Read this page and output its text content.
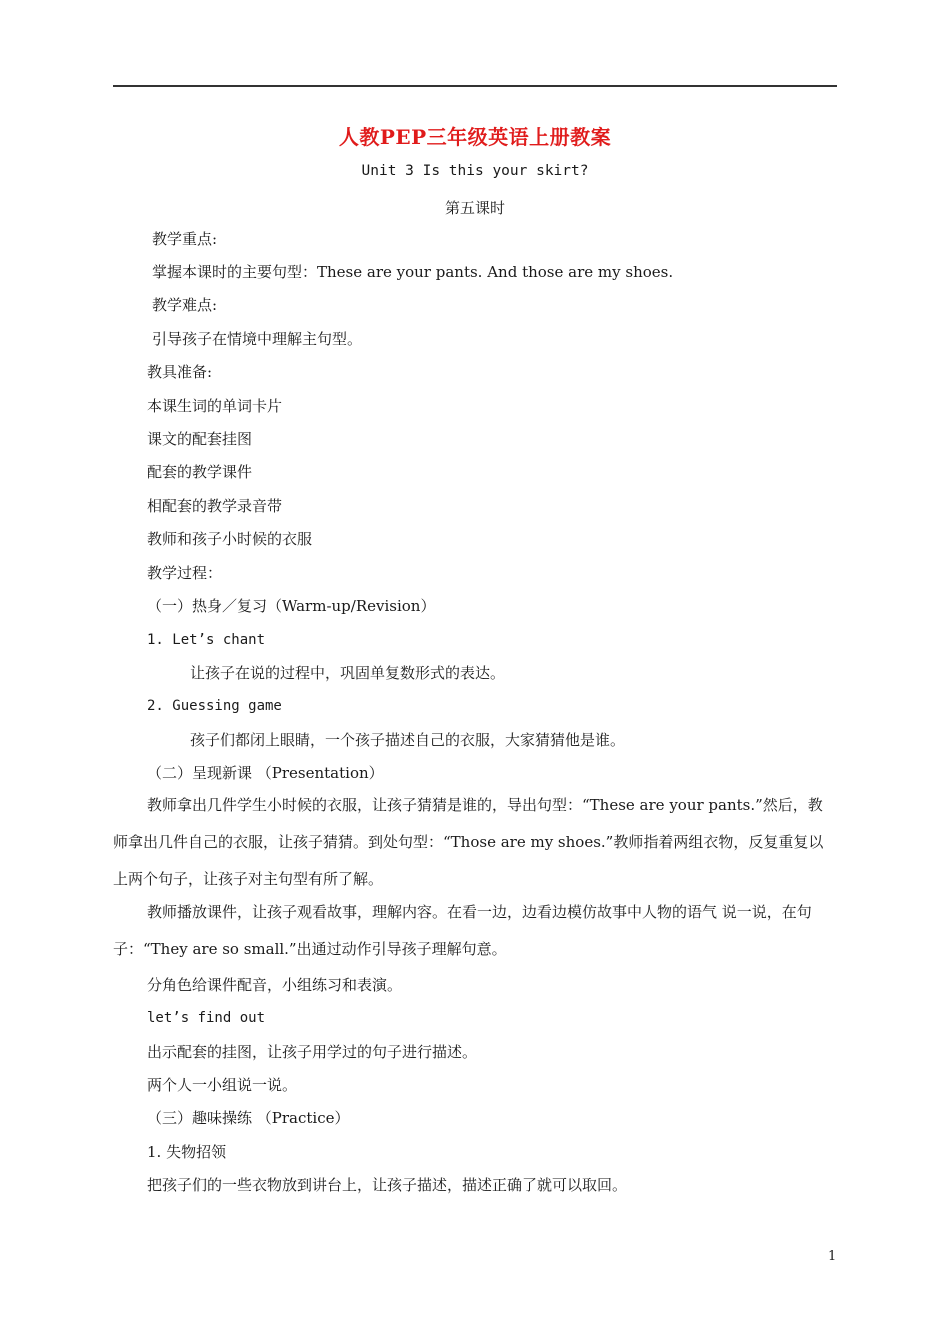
人教PEP三年级英语上册教案
Unit 3 Is this your skirt?
第五课时
教学重点:
掌握本课时的主要句型：These are your pants. And those are my shoes.
教学难点:
引导孩子在情境中理解主句型。
教具准备:
本课生词的单词卡片
课文的配套挂图
配套的教学课件
相配套的教学录音带
教师和孩子小时候的衣服
教学过程：
（一）热身／复习（Warm-up/Revision）
1. Let’s chant
让孩子在说的过程中，巩固单复数形式的表达。
2. Guessing game
孩子们都闭上眼睛，一个孩子描述自己的衣服，大家猜猜他是谁。
（二）呈现新课 （Presentation）
教师拿出几件学生小时候的衣服，让孩子猜猜是谁的，导出句型：“These are your pants.”然后，教师拿出几件自己的衣服，让孩子猜猜。到处句型：“Those are my shoes.”教师指着两组衣物，反复重复以上两个句子，让孩子对主句型有所了解。
教师播放课件，让孩子观看故事，理解内容。在看一边，边看边模仿故事中人物的语气 说一说，在句子：“They are so small.”出通过动作引导孩子理解句意。
分角色给课件配音，小组练习和表演。
let’s find out
出示配套的挂图，让孩子用学过的句子进行描述。
两个人一小组说一说。
（三）趣味操练 （Practice）
1. 失物招领
把孩子们的一些衣物放到讲台上，让孩子描述，描述正确了就可以取回。
1
